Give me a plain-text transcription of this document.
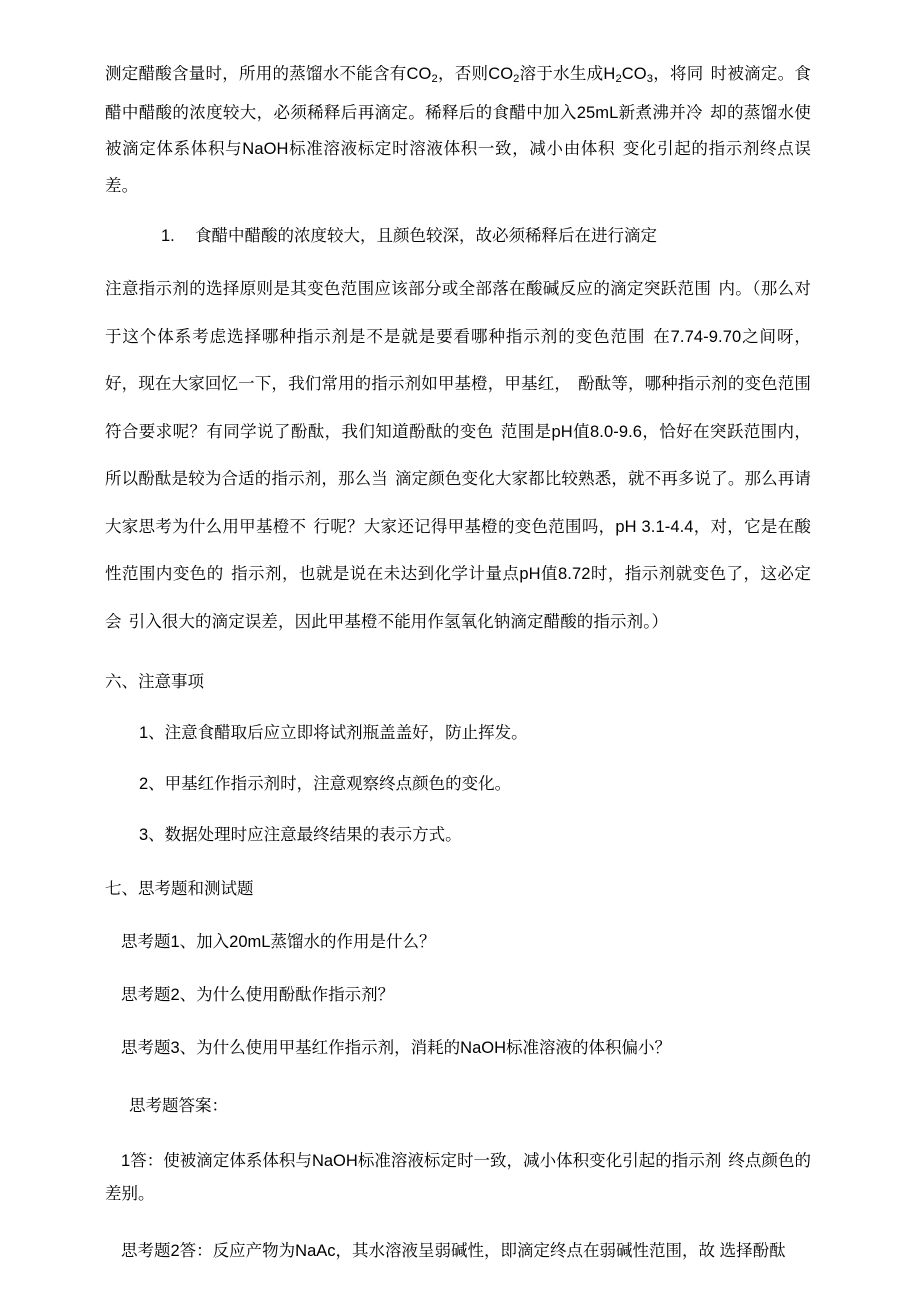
测定醋酸含量时，所用的蒸馏水不能含有$CO_2$，否则$CO_2$溶于水生成$H_2CO_3$，将同 时被滴定。食醋中醋酸的浓度较大，必须稀释后再滴定。稀释后的食醋中加入25mL新煮沸并冷 却的蒸馏水使被滴定体系体积与NaOH标准溶液标定时溶液体积一致，减小由体积 变化引起的指示剂终点误差。

1. 食醋中醋酸的浓度较大，且颜色较深，故必须稀释后在进行滴定

注意指示剂的选择原则是其变色范围应该部分或全部落在酸碱反应的滴定突跃范围 内。（那么对于这个体系考虑选择哪种指示剂是不是就是要看哪种指示剂的变色范围 在7.74-9.70之间呀，好，现在大家回忆一下，我们常用的指示剂如甲基橙，甲基红， 酚酞等，哪种指示剂的变色范围符合要求呢？有同学说了酚酞，我们知道酚酞的变色 范围是pH值8.0-9.6，恰好在突跃范围内，所以酚酞是较为合适的指示剂，那么当 滴定颜色变化大家都比较熟悉，就不再多说了。那么再请大家思考为什么用甲基橙不 行呢？大家还记得甲基橙的变色范围吗，pH 3.1-4.4，对，它是在酸性范围内变色的 指示剂，也就是说在未达到化学计量点pH值8.72时，指示剂就变色了，这必定会 引入很大的滴定误差，因此甲基橙不能用作氢氧化钠滴定醋酸的指示剂。）

六、注意事项

1、注意食醋取后应立即将试剂瓶盖盖好，防止挥发。

2、甲基红作指示剂时，注意观察终点颜色的变化。

3、数据处理时应注意最终结果的表示方式。

七、思考题和测试题

思考题1、加入20mL蒸馏水的作用是什么？

思考题2、为什么使用酚酞作指示剂？

思考题3、为什么使用甲基红作指示剂，消耗的NaOH标准溶液的体积偏小？

思考题答案：

1答：使被滴定体系体积与NaOH标准溶液标定时一致，减小体积变化引起的指示剂 终点颜色的差别。

思考题2答：反应产物为NaAc，其水溶液呈弱碱性，即滴定终点在弱碱性范围，故 选择酚酞
